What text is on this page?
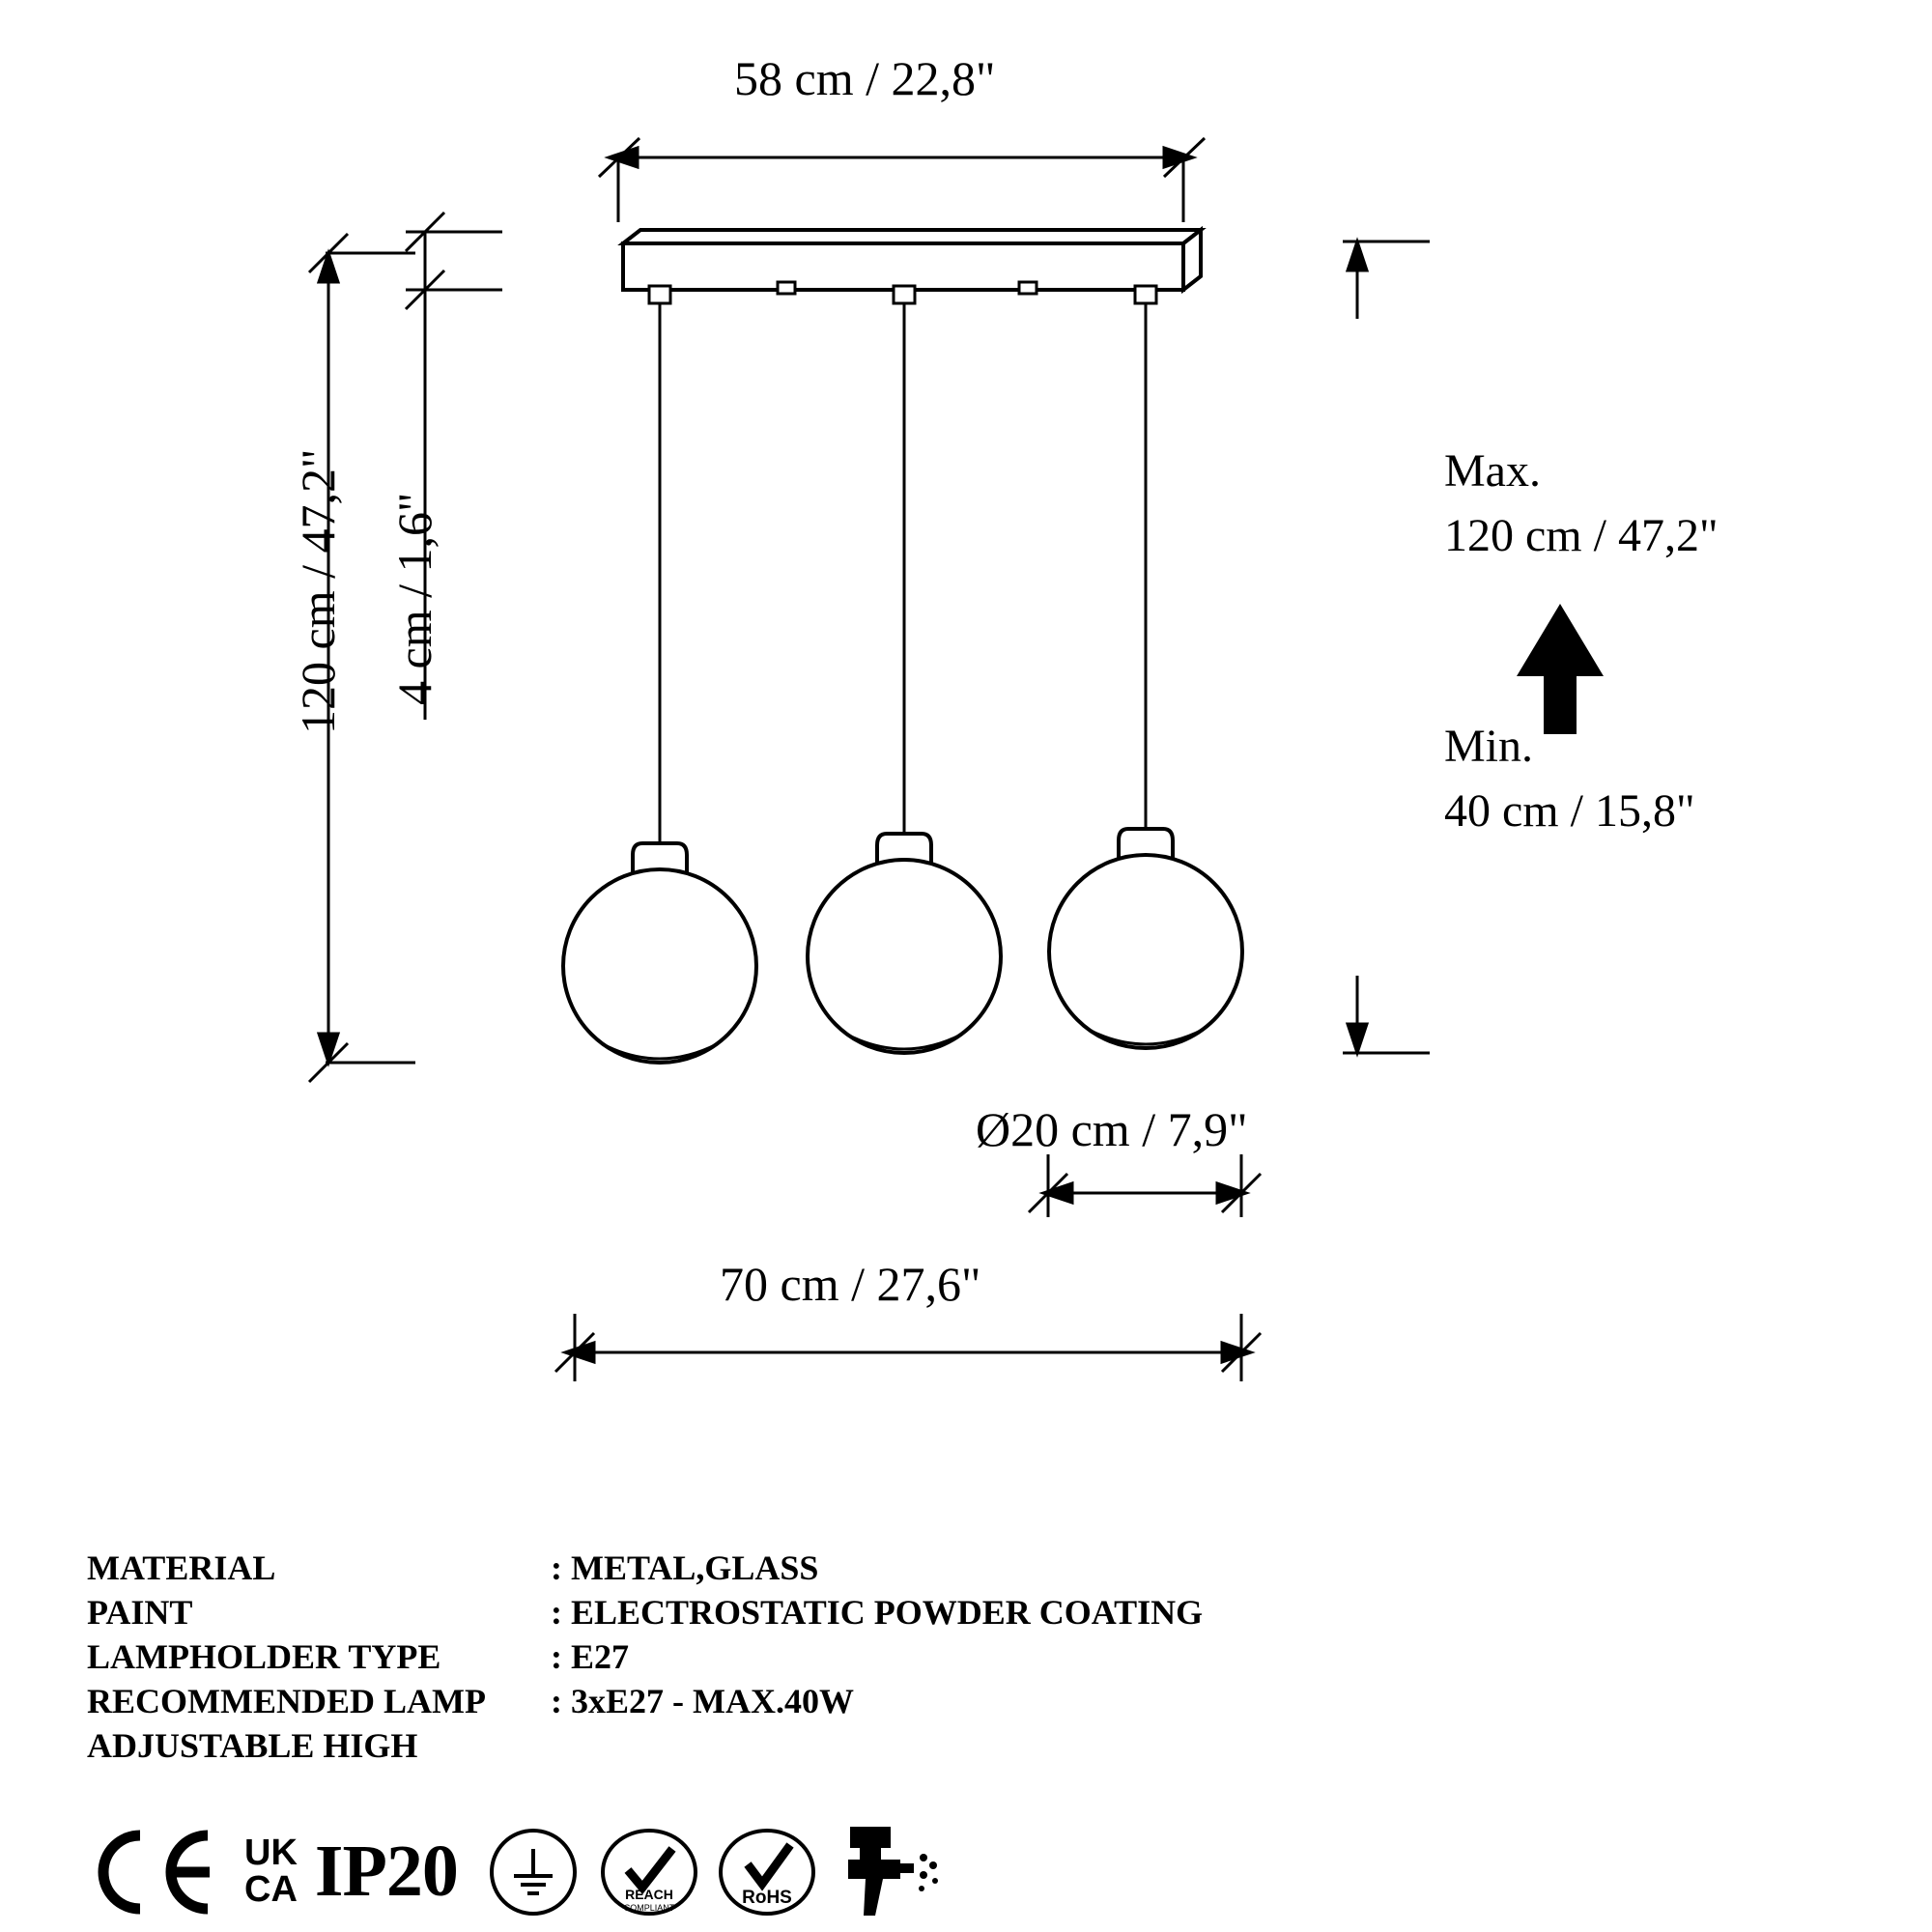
58 cm / 22,8"
120 cm / 47,2" 4 cm / 1,6"
Ø20 cm / 7,9"
70 cm / 27,6"
Max.
120 cm / 47,2"
Min.
40 cm / 15,8"
MATERIAL	: METAL,GLASS
PAINT	: ELECTROSTATIC POWDER COATING
LAMPHOLDER TYPE	: E27
RECOMMENDED LAMP	: 3xE27 - MAX.40W
ADJUSTABLE HIGH
UK
CA IP20	REACH
COMPLIANT	RoHS
